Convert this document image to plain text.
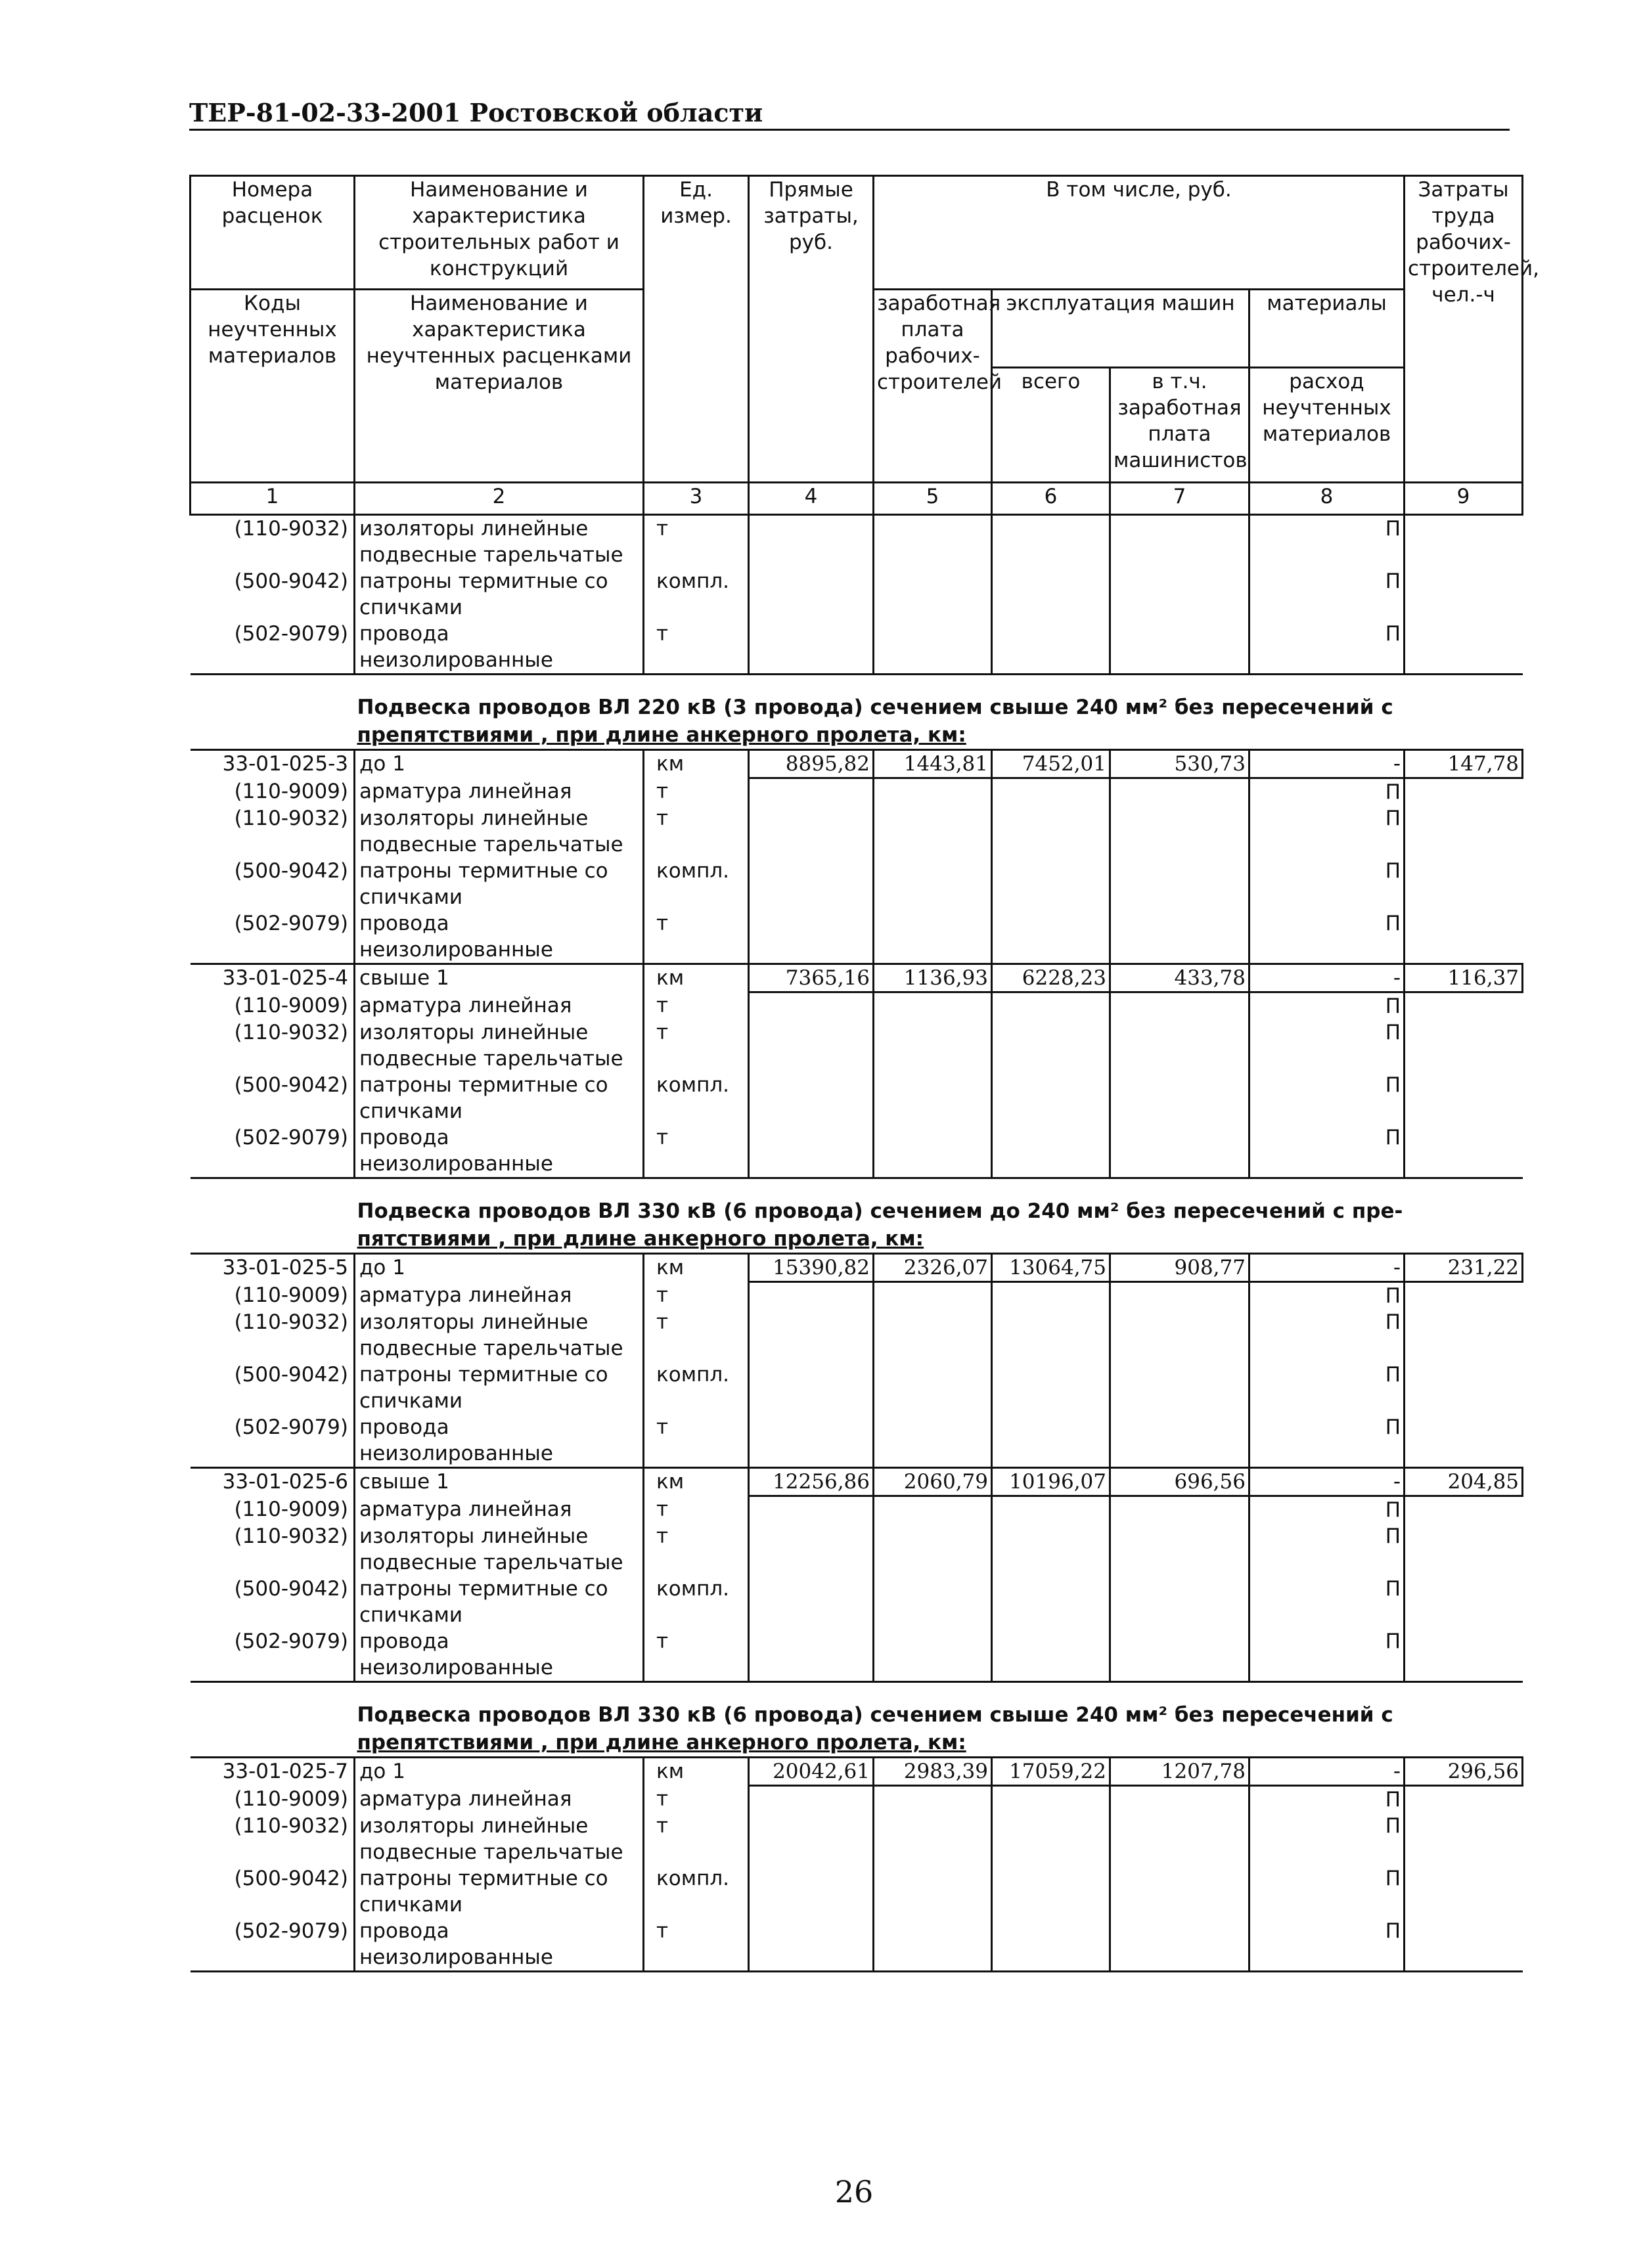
ТЕР-81-02-33-2001 Ростовской области
Номера расценок	Наименование и характеристика строительных работ и конструкций	Ед. измер.	Прямые затраты, руб.	В том числе, руб.				Затраты труда рабочих-строителей, чел.-ч
Коды неучтенных материалов	Наименование и характеристика неучтенных расценками материалов			заработная плата рабочих-строителей	эксплуатация машин		материалы	
					всего	в т.ч. заработная плата машинистов	расход неучтенных материалов	
1	2	3	4	5	6	7	8	9
(110-9032)	изоляторы линейные подвесные тарельчатые	т					П	
(500-9042)	патроны термитные со спичками	компл.					П	
(502-9079)	провода неизолированные	т					П	

	Подвеска проводов ВЛ 220 кВ (3 провода) сечением свыше 240 мм² без пересечений с
препятствиями , при длине анкерного пролета, км:							

33-01-025-3	до 1	км	8895,82	1443,81	7452,01	530,73	-	147,78
(110-9009)	арматура линейная	т					П	
(110-9032)	изоляторы линейные подвесные тарельчатые	т					П	
(500-9042)	патроны термитные со спичками	компл.					П	
(502-9079)	провода неизолированные	т					П	
33-01-025-4	свыше 1	км	7365,16	1136,93	6228,23	433,78	-	116,37
(110-9009)	арматура линейная	т					П	
(110-9032)	изоляторы линейные подвесные тарельчатые	т					П	
(500-9042)	патроны термитные со спичками	компл.					П	
(502-9079)	провода неизолированные	т					П	

	Подвеска проводов ВЛ 330 кВ (6 провода) сечением до 240 мм² без пересечений с пре-
пятствиями , при длине анкерного пролета, км:							

33-01-025-5	до 1	км	15390,82	2326,07	13064,75	908,77	-	231,22
(110-9009)	арматура линейная	т					П	
(110-9032)	изоляторы линейные подвесные тарельчатые	т					П	
(500-9042)	патроны термитные со спичками	компл.					П	
(502-9079)	провода неизолированные	т					П	
33-01-025-6	свыше 1	км	12256,86	2060,79	10196,07	696,56	-	204,85
(110-9009)	арматура линейная	т					П	
(110-9032)	изоляторы линейные подвесные тарельчатые	т					П	
(500-9042)	патроны термитные со спичками	компл.					П	
(502-9079)	провода неизолированные	т					П	

	Подвеска проводов ВЛ 330 кВ (6 провода) сечением свыше 240 мм² без пересечений с
препятствиями , при длине анкерного пролета, км:							

33-01-025-7	до 1	км	20042,61	2983,39	17059,22	1207,78	-	296,56
(110-9009)	арматура линейная	т					П	
(110-9032)	изоляторы линейные подвесные тарельчатые	т					П	
(500-9042)	патроны термитные со спичками	компл.					П	
(502-9079)	провода неизолированные	т					П	
26
